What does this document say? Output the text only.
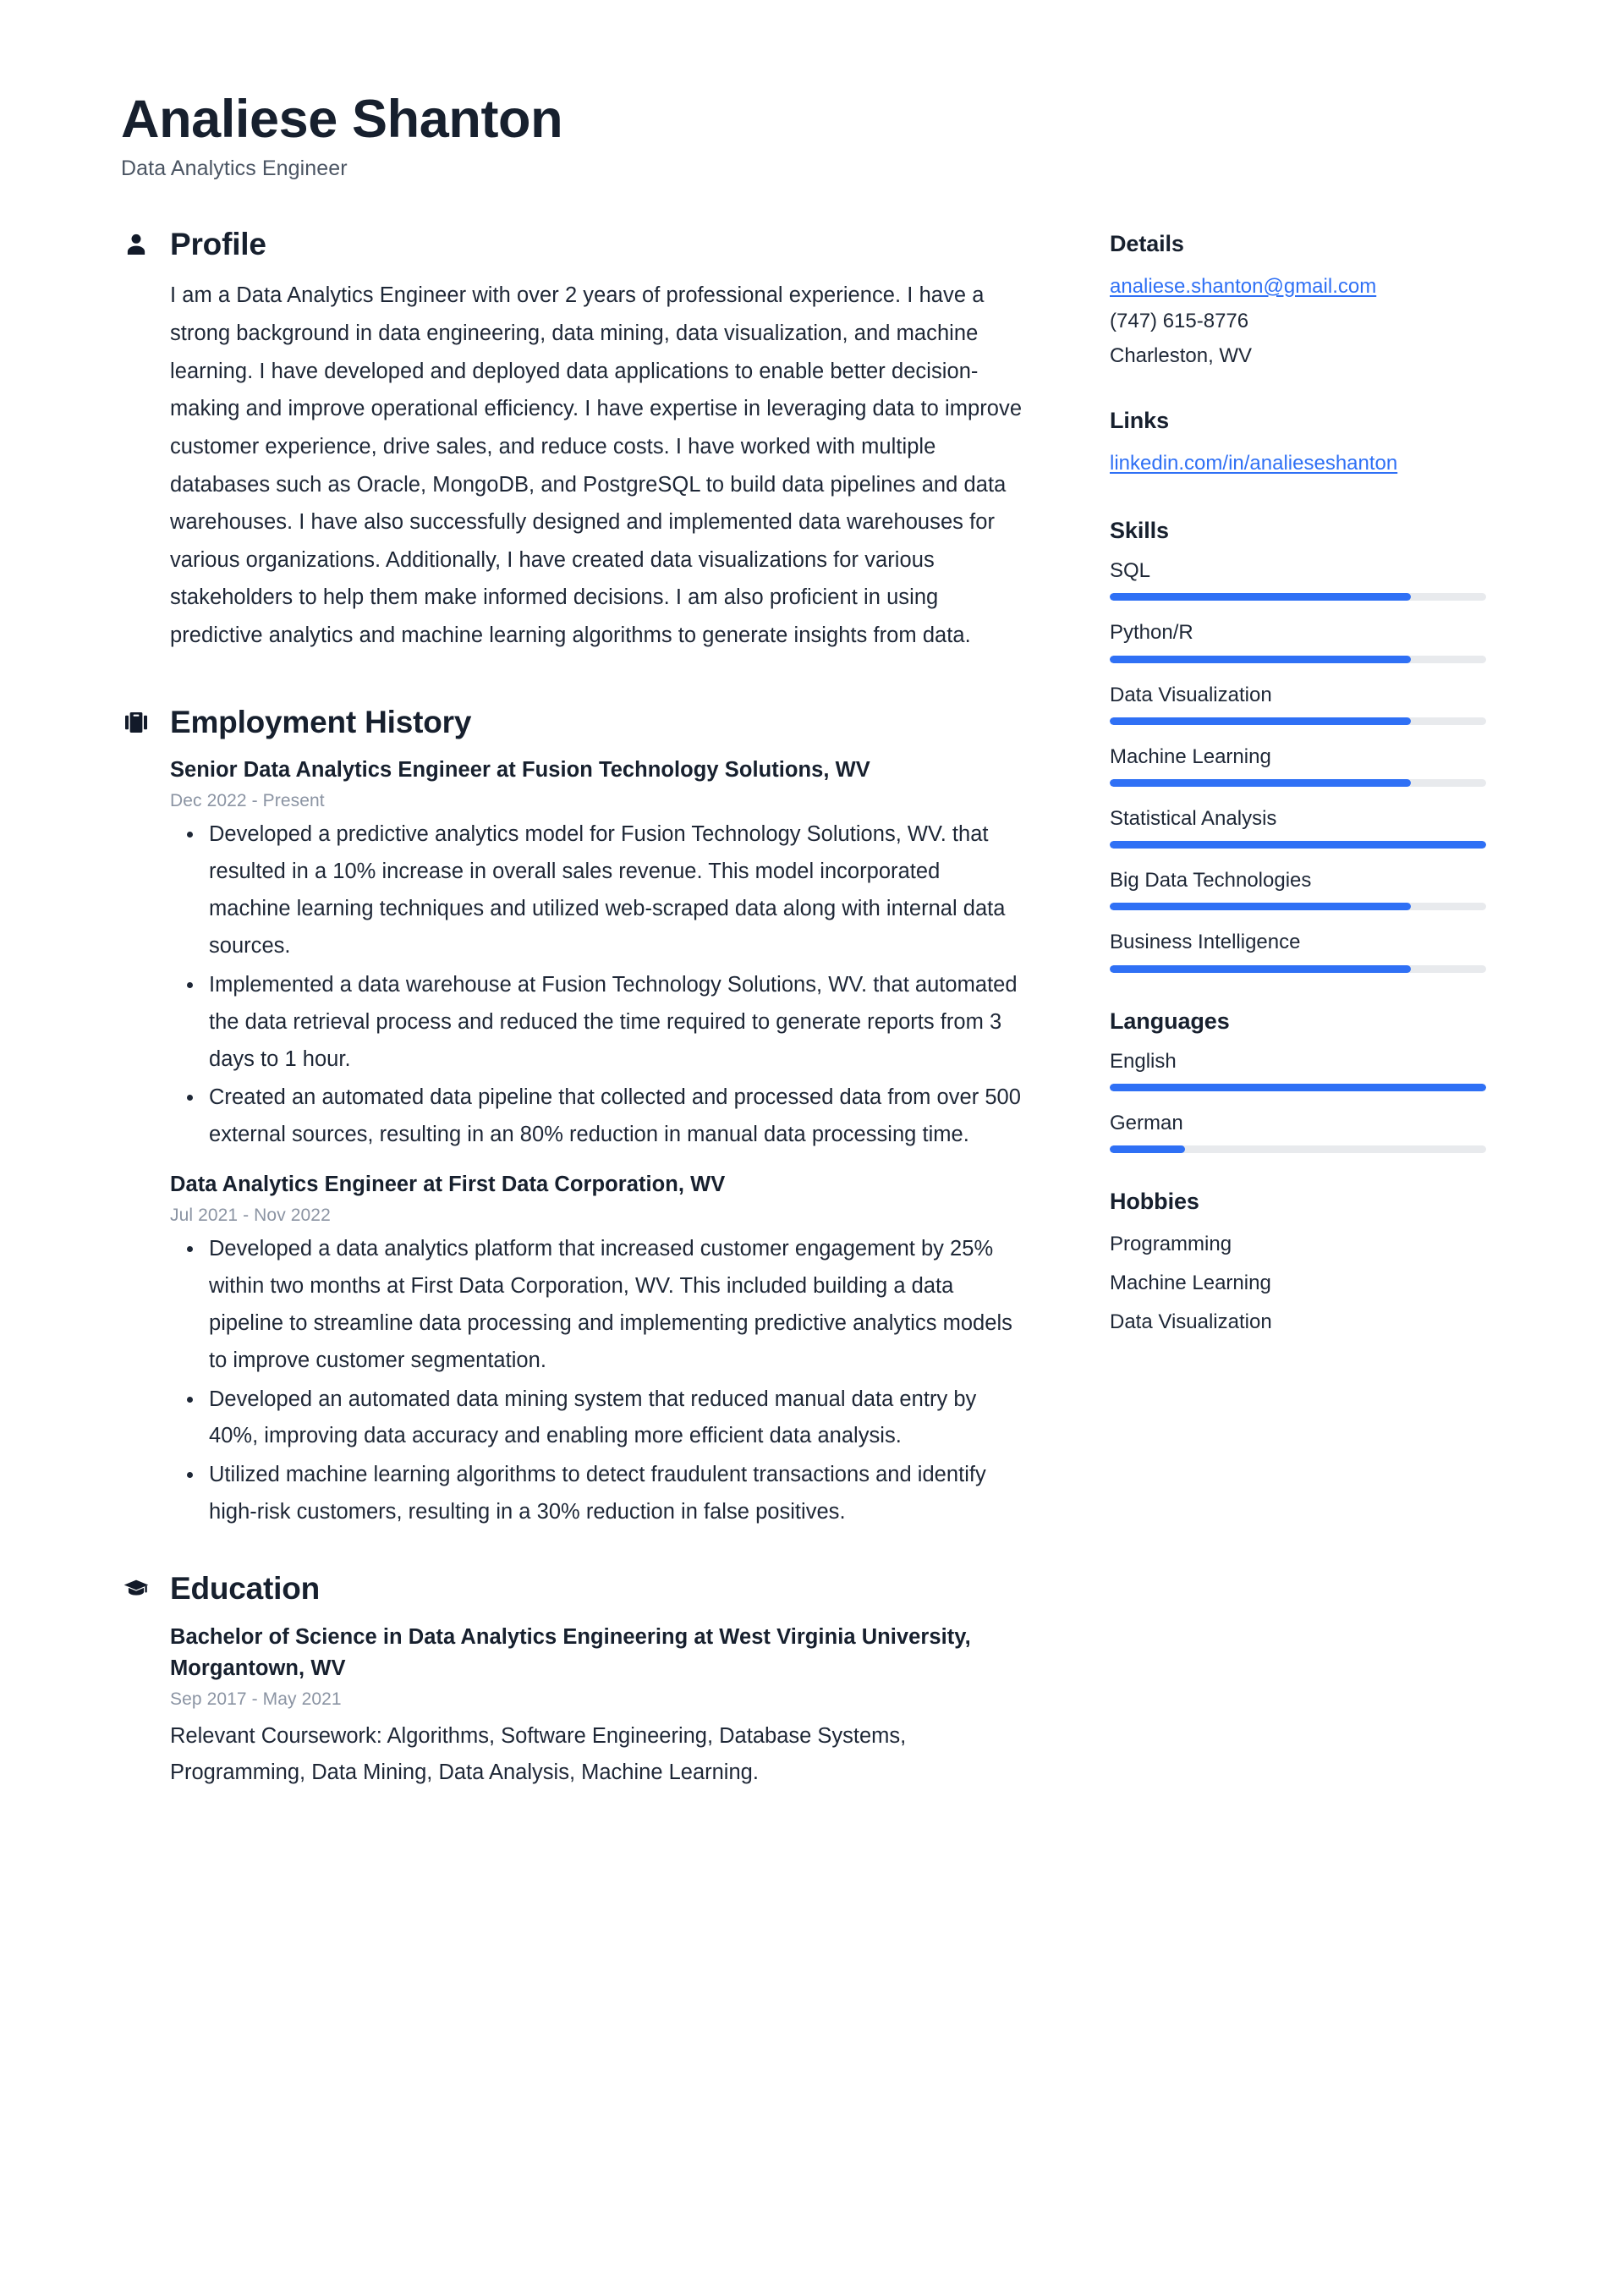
Analiese Shanton
Data Analytics Engineer
Profile

I am a Data Analytics Engineer with over 2 years of professional experience. I have a strong background in data engineering, data mining, data visualization, and machine learning. I have developed and deployed data applications to enable better decision-making and improve operational efficiency. I have expertise in leveraging data to improve customer experience, drive sales, and reduce costs. I have worked with multiple databases such as Oracle, MongoDB, and PostgreSQL to build data pipelines and data warehouses. I have also successfully designed and implemented data warehouses for various organizations. Additionally, I have created data visualizations for various stakeholders to help them make informed decisions. I am also proficient in using predictive analytics and machine learning algorithms to generate insights from data.

Employment History
Senior Data Analytics Engineer at Fusion Technology Solutions, WV
Dec 2022 - Present
Developed a predictive analytics model for Fusion Technology Solutions, WV. that resulted in a 10% increase in overall sales revenue. This model incorporated machine learning techniques and utilized web-scraped data along with internal data sources.
Implemented a data warehouse at Fusion Technology Solutions, WV. that automated the data retrieval process and reduced the time required to generate reports from 3 days to 1 hour.
Created an automated data pipeline that collected and processed data from over 500 external sources, resulting in an 80% reduction in manual data processing time.
Data Analytics Engineer at First Data Corporation, WV
Jul 2021 - Nov 2022
Developed a data analytics platform that increased customer engagement by 25% within two months at First Data Corporation, WV. This included building a data pipeline to streamline data processing and implementing predictive analytics models to improve customer segmentation.
Developed an automated data mining system that reduced manual data entry by 40%, improving data accuracy and enabling more efficient data analysis.
Utilized machine learning algorithms to detect fraudulent transactions and identify high-risk customers, resulting in a 30% reduction in false positives.
Education
Bachelor of Science in Data Analytics Engineering at West Virginia University, Morgantown, WV
Sep 2017 - May 2021
Relevant Coursework: Algorithms, Software Engineering, Database Systems, Programming, Data Mining, Data Analysis, Machine Learning.
Details
analiese.shanton@gmail.com
(747) 615-8776
Charleston, WV
Links
linkedin.com/in/analieseshanton
Skills
SQL
Python/R
Data Visualization
Machine Learning
Statistical Analysis
Big Data Technologies
Business Intelligence
Languages
English
German
Hobbies
Programming
Machine Learning
Data Visualization
